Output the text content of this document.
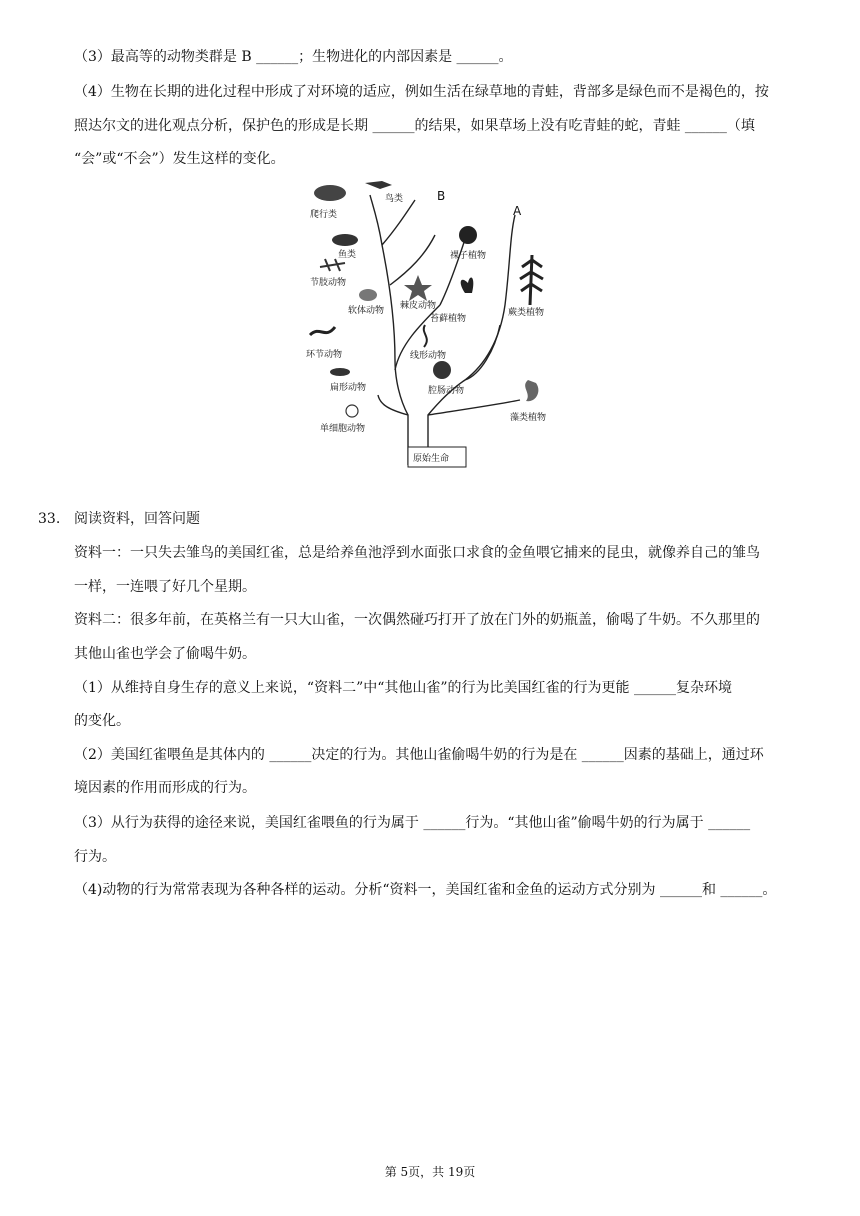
（3）最高等的动物类群是 B ______；生物进化的内部因素是 ______。
（4）生物在长期的进化过程中形成了对环境的适应，例如生活在绿草地的青蛙，背部多是绿色而不是褐色的，按
照达尔文的进化观点分析，保护色的形成是长期 ______的结果，如果草场上没有吃青蛙的蛇，青蛙 ______（填
“会”或“不会”）发生这样的变化。
B
A
爬行类
鸟类
鱼类
节肢动物
软体动物 棘皮动物
环节动物	线形动物
扁形动物	腔肠动物
单细胞动物
裸子植物
苔藓植物
蕨类植物
藻类植物
原始生命
33. 阅读资料，回答问题
资料一：一只失去雏鸟的美国红雀，总是给养鱼池浮到水面张口求食的金鱼喂它捕来的昆虫，就像养自己的雏鸟
一样，一连喂了好几个星期。
资料二：很多年前，在英格兰有一只大山雀，一次偶然碰巧打开了放在门外的奶瓶盖，偷喝了牛奶。不久那里的
其他山雀也学会了偷喝牛奶。
（1）从维持自身生存的意义上来说，“资料二”中“其他山雀”的行为比美国红雀的行为更能 ______复杂环境
的变化。
（2）美国红雀喂鱼是其体内的 ______决定的行为。其他山雀偷喝牛奶的行为是在 ______因素的基础上，通过环
境因素的作用而形成的行为。
（3）从行为获得的途径来说，美国红雀喂鱼的行为属于 ______行为。“其他山雀”偷喝牛奶的行为属于 ______
行为。
（4)动物的行为常常表现为各种各样的运动。分析“资料一，美国红雀和金鱼的运动方式分别为 ______和 ______。
第 5页，共 19页
